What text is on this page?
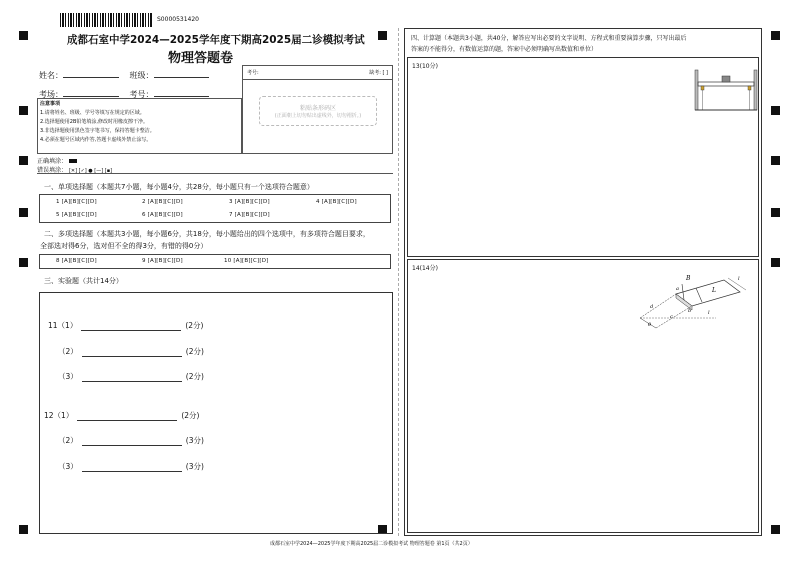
S0000531420
成都石室中学2024—2025学年度下期高2025届二诊模拟考试
物理答题卷
姓名：	班级：
考场：	考号：
注意事项
1.请将姓名、班级、学号等填写在规定的区域。
2.选择题使用2B铅笔填涂,修改时用橡皮擦干净。
3.非选择题使用黑色签字笔书写，保持答题卡整洁。
4.必须在题号区域内作答,答题卡虚线外禁止涂写。
考号:	缺考: [ ]
粘贴条形码区
(正面朝上切勿贴出虚线外，切勿褶折。)
正确填涂：
错误填涂： [✕] [✓] ● [—] [▪]
一、单项选择题（本题共7小题，每小题4分，共28分，每小题只有一个选项符合题意）
1 [A][B][C][D]	2 [A][B][C][D]	3 [A][B][C][D]	4 [A][B][C][D]
5 [A][B][C][D]	6 [A][B][C][D]	7 [A][B][C][D]
二、多项选择题（本题共3小题，每小题6分，共18分，每小题给出的四个选项中，有多项符合题目要求，
全部选对得6分，选对但不全的得3分，有错的得0分）
8 [A][B][C][D]	9 [A][B][C][D]	10 [A][B][C][D]
三、实验题（共计14分）
11（1）	(2分)
（2）	(2分)
（3）	(2分)
12（1）	(2分)
（2）	(3分)
（3）	(3分)
四、计算题（本题共3小题，共40分，解答应写出必要的文字说明、方程式和重要演算步骤，只写出最后
答案的不能得分，有数值运算的题，答案中必须明确写出数值和单位）
13(10分)
14(14分)
B
a
b
c
d
L
l
l
θ
成都石室中学2024—2025学年度下期高2025届二诊模拟考试 物理答题卷 第1页（共2页）
